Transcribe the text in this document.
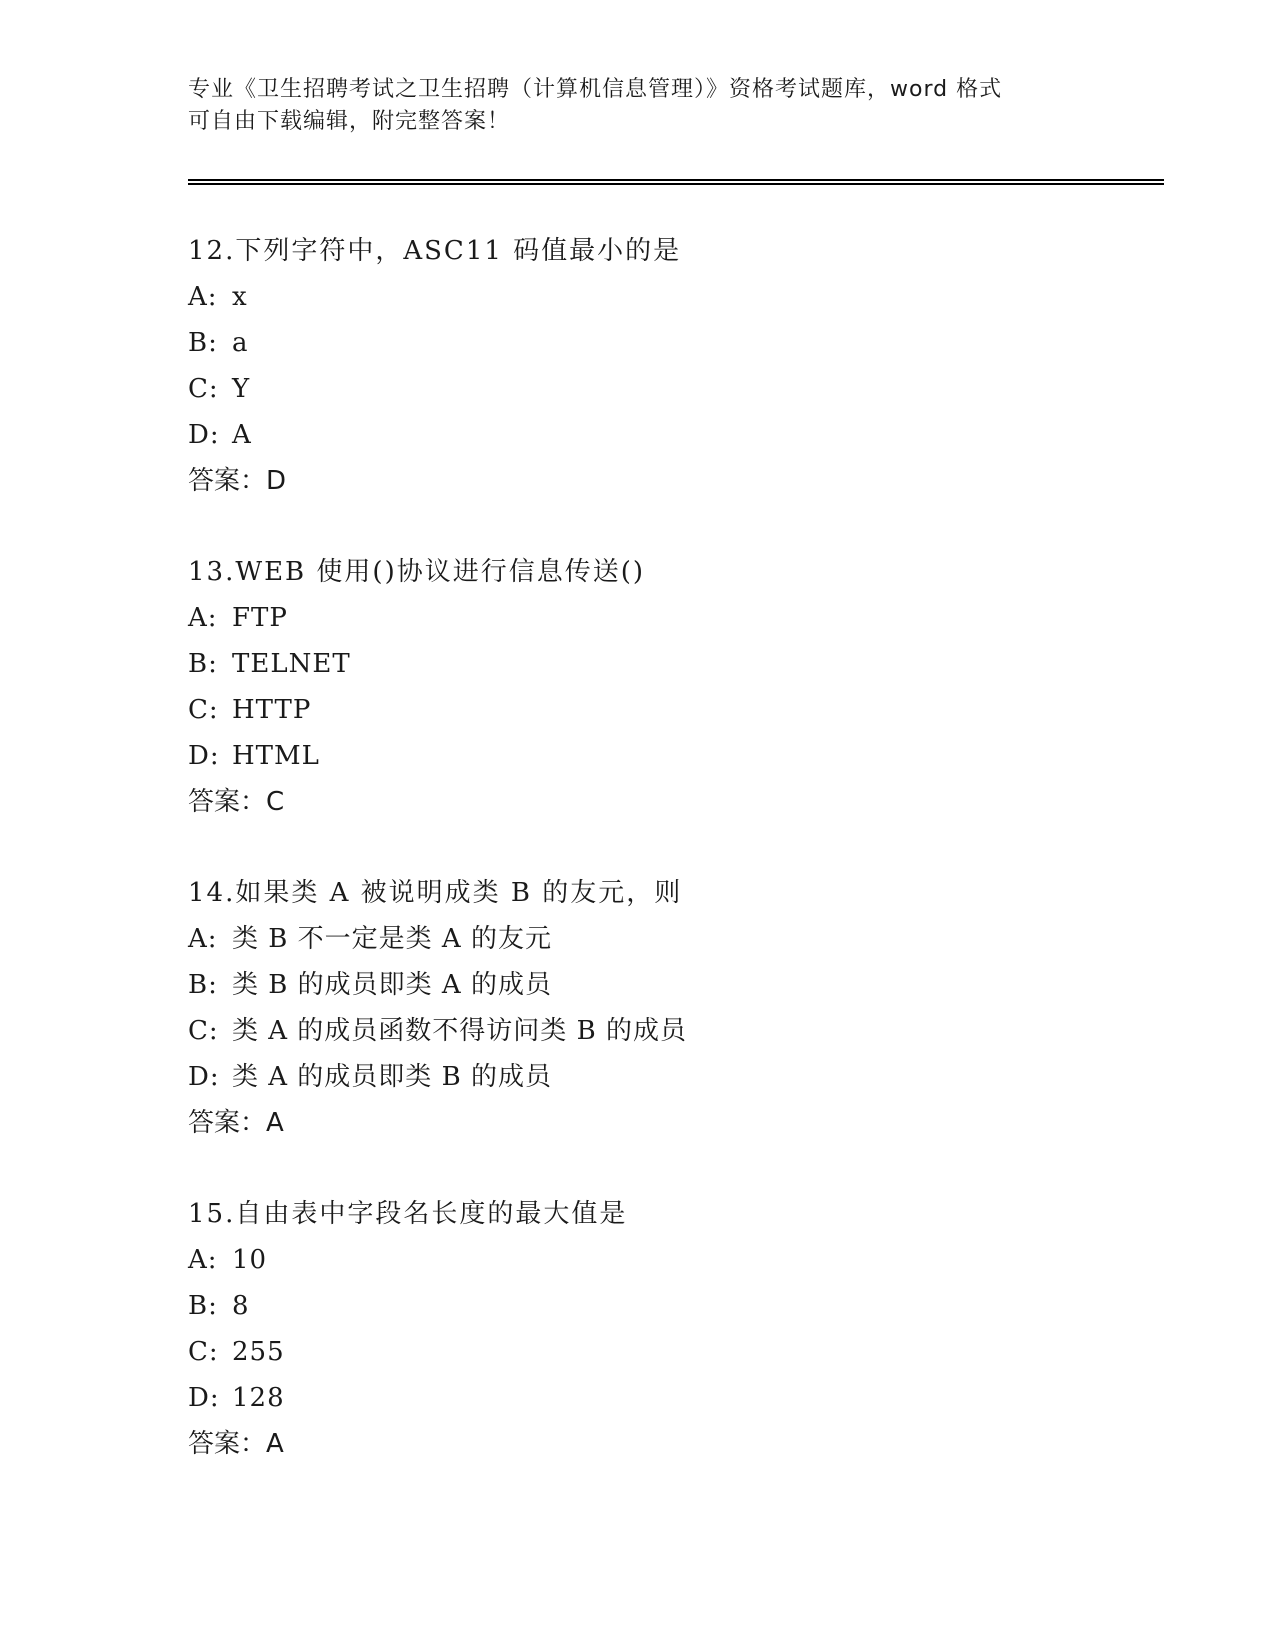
专业《卫生招聘考试之卫生招聘（计算机信息管理）》资格考试题库，word 格式
可自由下载编辑，附完整答案！
12.下列字符中，ASC11 码值最小的是
A: x
B: a
C: Y
D: A
答案：D
13.WEB 使用()协议进行信息传送()
A: FTP
B: TELNET
C: HTTP
D: HTML
答案：C
14.如果类 A 被说明成类 B 的友元，则
A: 类 B 不一定是类 A 的友元
B: 类 B 的成员即类 A 的成员
C: 类 A 的成员函数不得访问类 B 的成员
D: 类 A 的成员即类 B 的成员
答案：A
15.自由表中字段名长度的最大值是
A: 10
B: 8
C: 255
D: 128
答案：A
